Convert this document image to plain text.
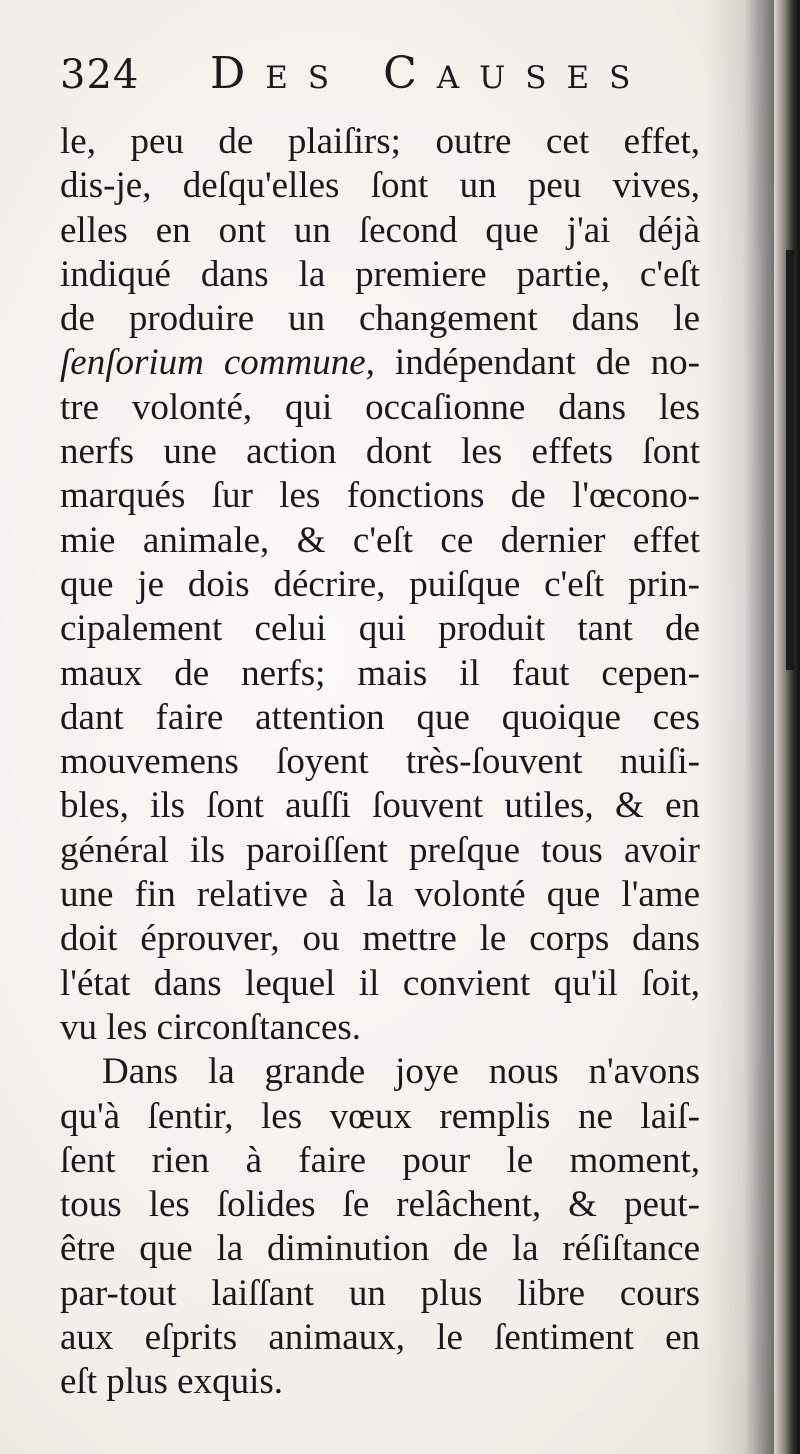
324 Des Causes
le, peu de plaiſirs; outre cet effet,
dis-je, deſqu'elles ſont un peu vives,
elles en ont un ſecond que j'ai déjà
indiqué dans la premiere partie, c'eſt
de produire un changement dans le
ſenſorium commune, indépendant de no-
tre volonté, qui occaſionne dans les
nerfs une action dont les effets ſont
marqués ſur les fonctions de l'œcono-
mie animale, & c'eſt ce dernier effet
que je dois décrire, puiſque c'eſt prin-
cipalement celui qui produit tant de
maux de nerfs; mais il faut cepen-
dant faire attention que quoique ces
mouvemens ſoyent très-ſouvent nuiſi-
bles, ils ſont auſſi ſouvent utiles, & en
général ils paroiſſent preſque tous avoir
une fin relative à la volonté que l'ame
doit éprouver, ou mettre le corps dans
l'état dans lequel il convient qu'il ſoit,
vu les circonſtances.
Dans la grande joye nous n'avons
qu'à ſentir, les vœux remplis ne laiſ-
ſent rien à faire pour le moment,
tous les ſolides ſe relâchent, & peut-
être que la diminution de la réſiſtance
par-tout laiſſant un plus libre cours
aux eſprits animaux, le ſentiment en
eſt plus exquis.
